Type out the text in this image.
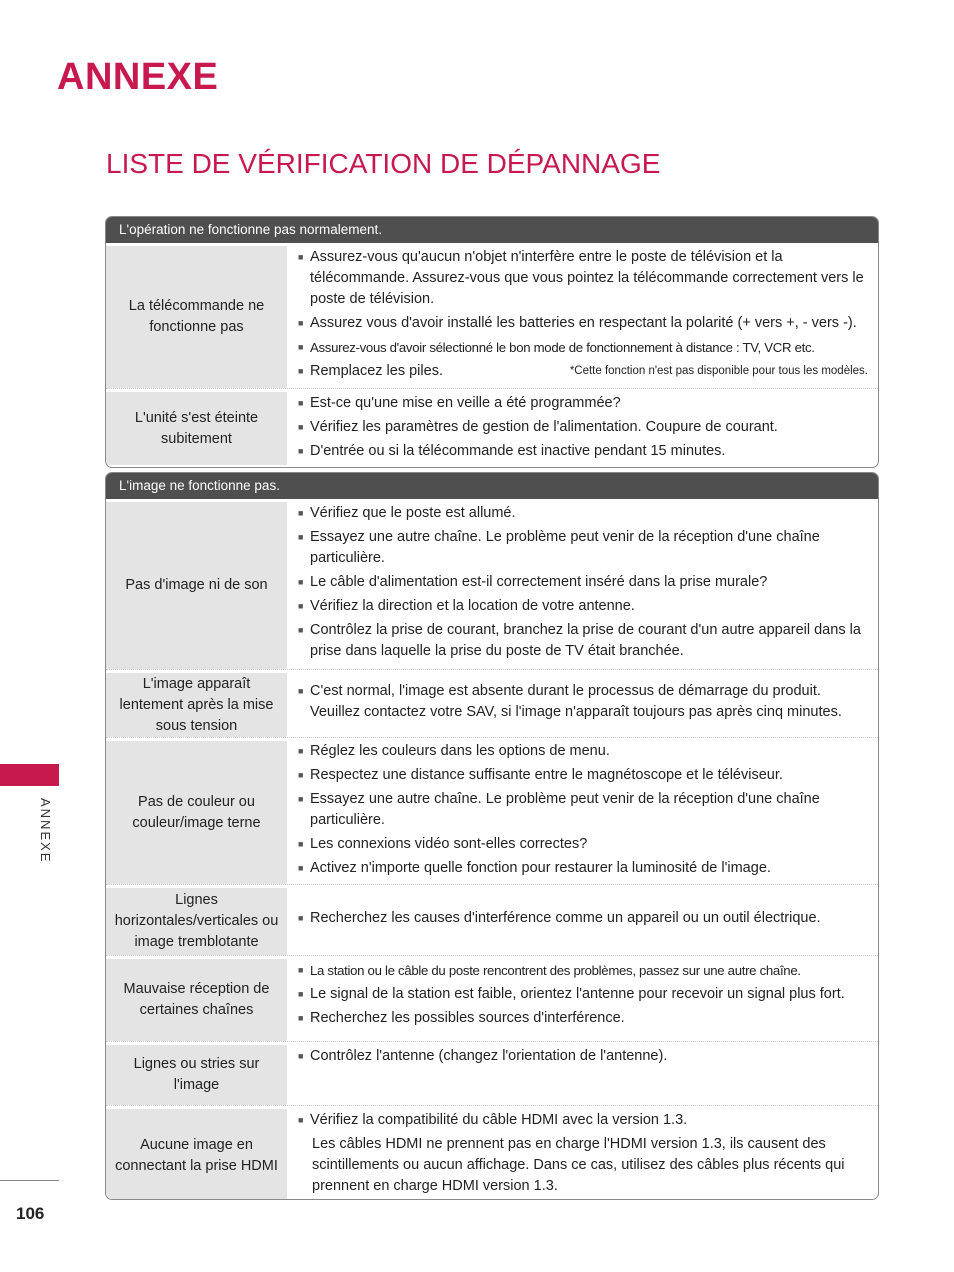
ANNEXE
LISTE DE VÉRIFICATION DE DÉPANNAGE
L'opération ne fonctionne pas normalement.
La télécommande ne fonctionne pas
■ Assurez-vous qu'aucun n'objet n'interfère entre le poste de télévision et la télécommande. Assurez-vous que vous pointez la télécommande correctement vers le poste de télévision.
■ Assurez vous d'avoir installé les batteries en respectant la polarité (+ vers +, - vers -).
■ Assurez-vous d'avoir sélectionné le bon mode de fonctionnement à distance : TV, VCR etc.
■ Remplacez les piles.	*Cette fonction n'est pas disponible pour tous les modèles.
L'unité s'est éteinte subitement
■ Est-ce qu'une mise en veille a été programmée?
■ Vérifiez les paramètres de gestion de l'alimentation. Coupure de courant.
■ D'entrée ou si la télécommande est inactive pendant 15 minutes.
L'image ne fonctionne pas.
Pas d'image ni de son
■ Vérifiez que le poste est allumé.
■ Essayez une autre chaîne. Le problème peut venir de la réception d'une chaîne particulière.
■ Le câble d'alimentation est-il correctement inséré dans la prise murale?
■ Vérifiez la direction et la location de votre antenne.
■ Contrôlez la prise de courant, branchez la prise de courant d'un autre appareil dans la prise dans laquelle la prise du poste de TV était branchée.
L'image apparaît lentement après la mise sous tension
■ C'est normal, l'image est absente durant le processus de démarrage du produit. Veuillez contactez votre SAV, si l'image n'apparaît toujours pas après cinq minutes.
Pas de couleur ou couleur/image terne
■ Réglez les couleurs dans les options de menu.
■ Respectez une distance suffisante entre le magnétoscope et le téléviseur.
■ Essayez une autre chaîne. Le problème peut venir de la réception d'une chaîne particulière.
■ Les connexions vidéo sont-elles correctes?
■ Activez n'importe quelle fonction pour restaurer la luminosité de l'image.
Lignes horizontales/verticales ou image tremblotante
■ Recherchez les causes d'interférence comme un appareil ou un outil électrique.
Mauvaise réception de certaines chaînes
■ La station ou le câble du poste rencontrent des problèmes, passez sur une autre chaîne.
■ Le signal de la station est faible, orientez l'antenne pour recevoir un signal plus fort.
■ Recherchez les possibles sources d'interférence.
Lignes ou stries sur l'image
■ Contrôlez l'antenne (changez l'orientation de l'antenne).
Aucune image en connectant la prise HDMI
■ Vérifiez la compatibilité du câble HDMI avec la version 1.3.
Les câbles HDMI ne prennent pas en charge l'HDMI version 1.3, ils causent des scintillements ou aucun affichage. Dans ce cas, utilisez des câbles plus récents qui prennent en charge HDMI version 1.3.
ANNEXE
106
